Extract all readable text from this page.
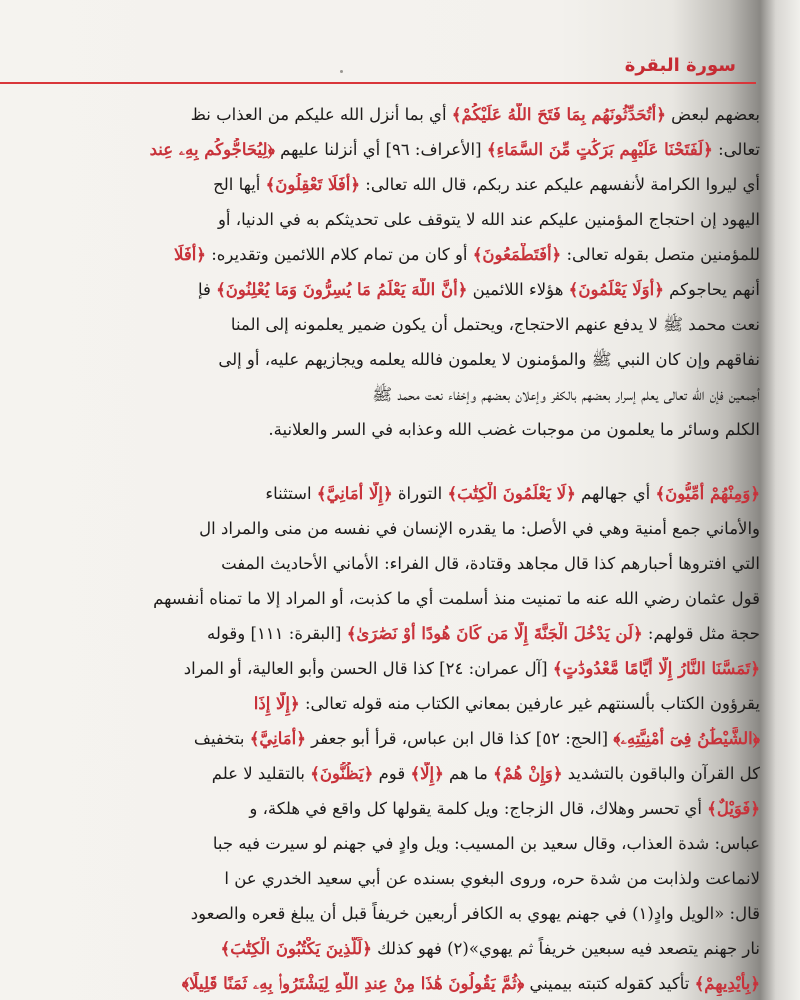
سورة البقرة
بعضهم لبعض ﴿أَتُحَدِّثُونَهُم بِمَا فَتَحَ اللَّهُ عَلَيْكُمْ﴾ أي بما أنزل الله عليكم من العذاب نظ
تعالى: ﴿لَفَتَحْنَا عَلَيْهِم بَرَكَٰتٍ مِّنَ السَّمَاءِ﴾ [الأعراف: ٩٦] أي أنزلنا عليهم ﴿لِيُحَاجُّوكُم بِهِۦ عِند
أي ليروا الكرامة لأنفسهم عليكم عند ربكم، قال الله تعالى: ﴿أَفَلَا تَعْقِلُونَ﴾ أيها الح
اليهود إن احتجاج المؤمنين عليكم عند الله لا يتوقف على تحديثكم به في الدنيا، أو
للمؤمنين متصل بقوله تعالى: ﴿أَفَتَطْمَعُونَ﴾ أو كان من تمام كلام اللائمين وتقديره: ﴿أَفَلَا
أنهم يحاجوكم ﴿أَوَلَا يَعْلَمُونَ﴾ هؤلاء اللائمين ﴿أَنَّ اللَّهَ يَعْلَمُ مَا يُسِرُّونَ وَمَا يُعْلِنُونَ﴾ فإ
نعت محمد ﷺ لا يدفع عنهم الاحتجاج، ويحتمل أن يكون ضمير يعلمونه إلى المنا
نفاقهم وإن كان النبي ﷺ والمؤمنون لا يعلمون فالله يعلمه ويجازيهم عليه، أو إلى
أجمعين فإن الله تعالى يعلم إسرار بعضهم بالكفر وإعلان بعضهم وإخفاء نعت محمد ﷺ
الكلم وسائر ما يعلمون من موجبات غضب الله وعذابه في السر والعلانية.
﴿وَمِنْهُمْ أُمِّيُّونَ﴾ أي جهالهم ﴿لَا يَعْلَمُونَ الْكِتَٰبَ﴾ التوراة ﴿إِلَّا أَمَانِيَّ﴾ استثناء
والأماني جمع أمنية وهي في الأصل: ما يقدره الإنسان في نفسه من منى والمراد ال
التي افتروها أحبارهم كذا قال مجاهد وقتادة، قال الفراء: الأماني الأحاديث المفت
قول عثمان رضي الله عنه ما تمنيت منذ أسلمت أي ما كذبت، أو المراد إلا ما تمناه أنفسهم
حجة مثل قولهم: ﴿لَن يَدْخُلَ الْجَنَّةَ إِلَّا مَن كَانَ هُودًا أَوْ نَصَٰرَىٰ﴾ [البقرة: ١١١] وقوله
﴿تَمَسَّنَا النَّارُ إِلَّا أَيَّامًا مَّعْدُودَٰتٍ﴾ [آل عمران: ٢٤] كذا قال الحسن وأبو العالية، أو المراد
يقرؤون الكتاب بألسنتهم غير عارفين بمعاني الكتاب منه قوله تعالى: ﴿إِلَّا إِذَا
﴿الشَّيْطَٰنُ فِىٓ أُمْنِيَّتِهِۦ﴾ [الحج: ٥٢] كذا قال ابن عباس، قرأ أبو جعفر ﴿أَمَانِيَّ﴾ بتخفيف
كل القرآن والباقون بالتشديد ﴿وَإِنْ هُمْ﴾ ما هم ﴿إِلَّا﴾ قوم ﴿يَظُنُّونَ﴾ بالتقليد لا علم
﴿فَوَيْلٌ﴾ أي تحسر وهلاك، قال الزجاج: ويل كلمة يقولها كل واقع في هلكة، و
عباس: شدة العذاب، وقال سعيد بن المسيب: ويل وادٍ في جهنم لو سيرت فيه جبا
لانماعت ولذابت من شدة حره، وروى البغوي بسنده عن أبي سعيد الخدري عن ا
قال: «الويل وادٍ(١) في جهنم يهوي به الكافر أربعين خريفاً قبل أن يبلغ قعره والصعود
نار جهنم يتصعد فيه سبعين خريفاً ثم يهوي»(٢) فهو كذلك ﴿لِّلَّذِينَ يَكْتُبُونَ الْكِتَٰبَ﴾
﴿بِأَيْدِيهِمْ﴾ تأكيد كقوله كتبته بيميني ﴿ثُمَّ يَقُولُونَ هَٰذَا مِنْ عِندِ اللَّهِ لِيَشْتَرُوا۟ بِهِۦ ثَمَنًا قَلِيلًا﴾
